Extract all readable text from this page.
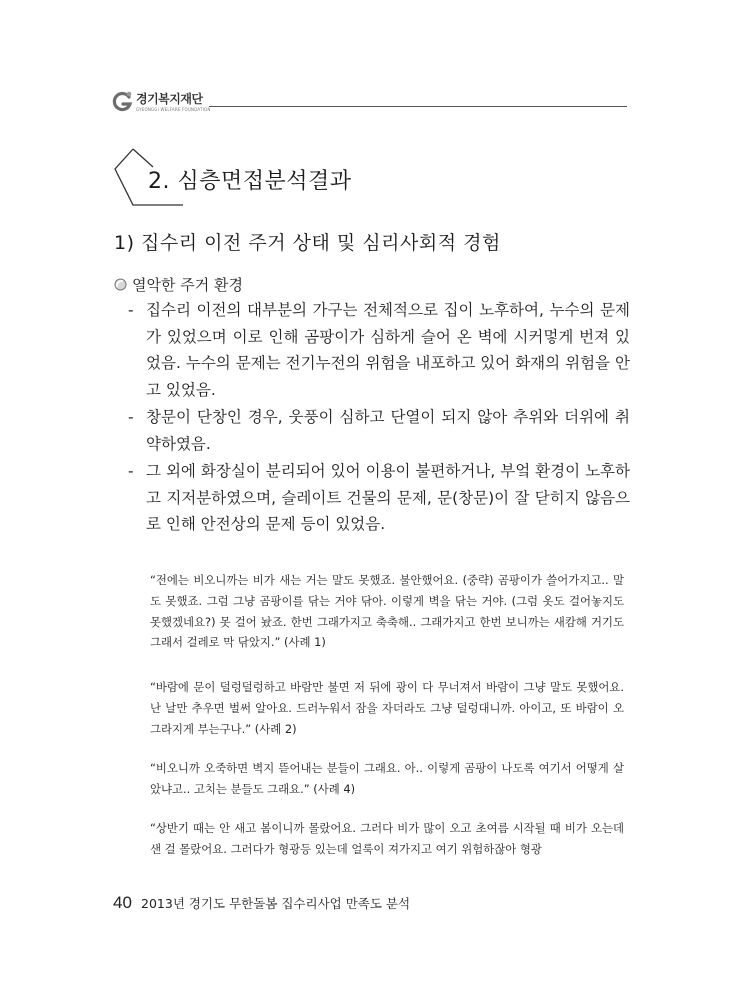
경기복지재단
GYEONGGI WELFARE FOUNDATION
2. 심층면접분석결과
1) 집수리 이전 주거 상태 및 심리사회적 경험
열악한 주거 환경
- 집수리 이전의 대부분의 가구는 전체적으로 집이 노후하여, 누수의 문제가 있었으며 이로 인해 곰팡이가 심하게 슬어 온 벽에 시커멓게 번져 있었음. 누수의 문제는 전기누전의 위험을 내포하고 있어 화재의 위험을 안고 있었음.
- 창문이 단창인 경우, 웃풍이 심하고 단열이 되지 않아 추위와 더위에 취약하였음.
- 그 외에 화장실이 분리되어 있어 이용이 불편하거나, 부엌 환경이 노후하고 지저분하였으며, 슬레이트 건물의 문제, 문(창문)이 잘 닫히지 않음으로 인해 안전상의 문제 등이 있었음.
“전에는 비오니까는 비가 새는 거는 말도 못했죠. 불안했어요. (중략) 곰팡이가 쓸어가지고.. 말도 못했죠. 그럼 그냥 곰팡이를 닦는 거야 닦아. 이렇게 벽을 닦는 거야. (그럼 옷도 걸어놓지도 못했겠네요?) 못 걸어 놨죠. 한번 그래가지고 축축해.. 그래가지고 한번 보니까는 새캄해 거기도 그래서 걸레로 막 닦았지.” (사례 1)
“바람에 문이 덜렁덜렁하고 바람만 불면 저 뒤에 광이 다 무너져서 바람이 그냥 말도 못했어요. 난 날만 추우면 벌써 알아요. 드러누워서 잠을 자더라도 그냥 덜렁대니까. 아이고, 또 바람이 오그라지게 부는구나.” (사례 2)
“비오니까 오죽하면 벽지 뜯어내는 분들이 그래요. 아.. 이렇게 곰팡이 나도록 여기서 어떻게 살았냐고.. 고치는 분들도 그래요.” (사례 4)
“상반기 때는 안 새고 봄이니까 몰랐어요. 그러다 비가 많이 오고 초여름 시작될 때 비가 오는데 샌 걸 몰랐어요. 그러다가 형광등 있는데 얼룩이 져가지고 여기 위험하잖아 형광
40 2013년 경기도 무한돌봄 집수리사업 만족도 분석
